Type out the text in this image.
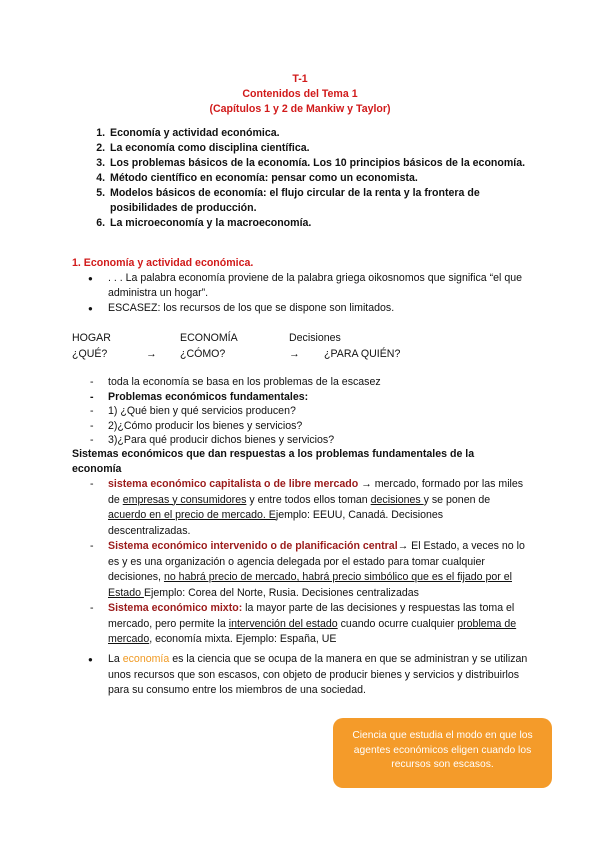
T-1
Contenidos del Tema 1
(Capítulos 1 y 2 de Mankiw y Taylor)
1. Economía y actividad económica.
2. La economía como disciplina científica.
3. Los problemas básicos de la economía. Los 10 principios básicos de la economía.
4. Método científico en economía: pensar como un economista.
5. Modelos básicos de economía: el flujo circular de la renta y la frontera de posibilidades de producción.
6. La microeconomía y la macroeconomía.
1. Economía y actividad económica.
● . . . La palabra economía proviene de la palabra griega oikosnomos que significa “el que administra un hogar”.
● ESCASEZ: los recursos de los que se dispone son limitados.
HOGAR	ECONOMÍA	Decisiones
¿QUÉ?	→ ¿CÓMO?	→ ¿PARA QUIÉN?
- toda la economía se basa en los problemas de la escasez
- Problemas económicos fundamentales:
- 1) ¿Qué bien y qué servicios producen?
- 2)¿Cómo producir los bienes y servicios?
- 3)¿Para qué producir dichos bienes y servicios?
Sistemas económicos que dan respuestas a los problemas fundamentales de la economía
- sistema económico capitalista o de libre mercado → mercado, formado por las miles de empresas y consumidores y entre todos ellos toman decisiones y se ponen de acuerdo en el precio de mercado. Ejemplo: EEUU, Canadá. Decisiones descentralizadas.
- Sistema económico intervenido o de planificación central→ El Estado, a veces no lo es y es una organización o agencia delegada por el estado para tomar cualquier decisiones, no habrá precio de mercado, habrá precio simbólico que es el fijado por el Estado Ejemplo: Corea del Norte, Rusia. Decisiones centralizadas
- Sistema económico mixto: la mayor parte de las decisiones y respuestas las toma el mercado, pero permite la intervención del estado cuando ocurre cualquier problema de mercado, economía mixta. Ejemplo: España, UE
● La economía es la ciencia que se ocupa de la manera en que se administran y se utilizan unos recursos que son escasos, con objeto de producir bienes y servicios y distribuirlos para su consumo entre los miembros de una sociedad.
Ciencia que estudia el modo en que los agentes económicos eligen cuando los recursos son escasos.
